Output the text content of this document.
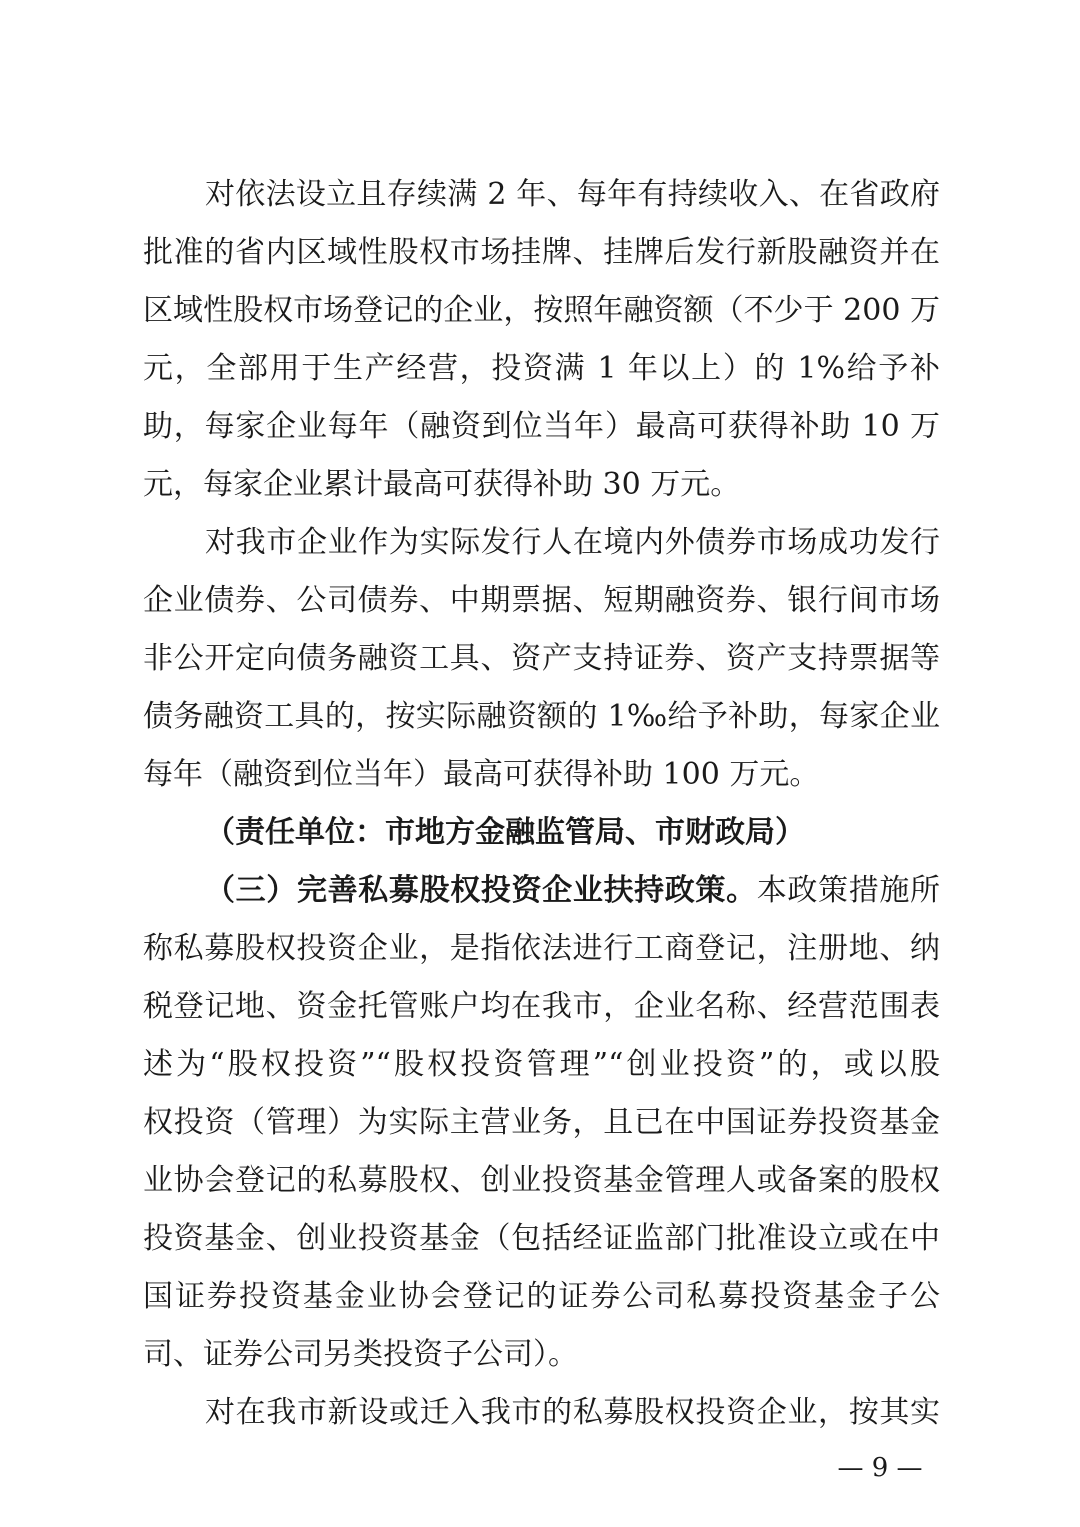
对依法设立且存续满 2 年、每年有持续收入、在省政府
批准的省内区域性股权市场挂牌、挂牌后发行新股融资并在
区域性股权市场登记的企业，按照年融资额（不少于 200 万
元，全部用于生产经营，投资满 1 年以上）的 1%给予补
助，每家企业每年（融资到位当年）最高可获得补助 10 万
元，每家企业累计最高可获得补助 30 万元。
对我市企业作为实际发行人在境内外债券市场成功发行
企业债券、公司债券、中期票据、短期融资券、银行间市场
非公开定向债务融资工具、资产支持证券、资产支持票据等
债务融资工具的，按实际融资额的 1‰给予补助，每家企业
每年（融资到位当年）最高可获得补助 100 万元。
（责任单位：市地方金融监管局、市财政局）
（三）完善私募股权投资企业扶持政策。本政策措施所
称私募股权投资企业，是指依法进行工商登记，注册地、纳
税登记地、资金托管账户均在我市，企业名称、经营范围表
述为“股权投资”“股权投资管理”“创业投资”的，或以股
权投资（管理）为实际主营业务，且已在中国证券投资基金
业协会登记的私募股权、创业投资基金管理人或备案的股权
投资基金、创业投资基金（包括经证监部门批准设立或在中
国证券投资基金业协会登记的证券公司私募投资基金子公
司、证券公司另类投资子公司）。
对在我市新设或迁入我市的私募股权投资企业，按其实
— 9 —
